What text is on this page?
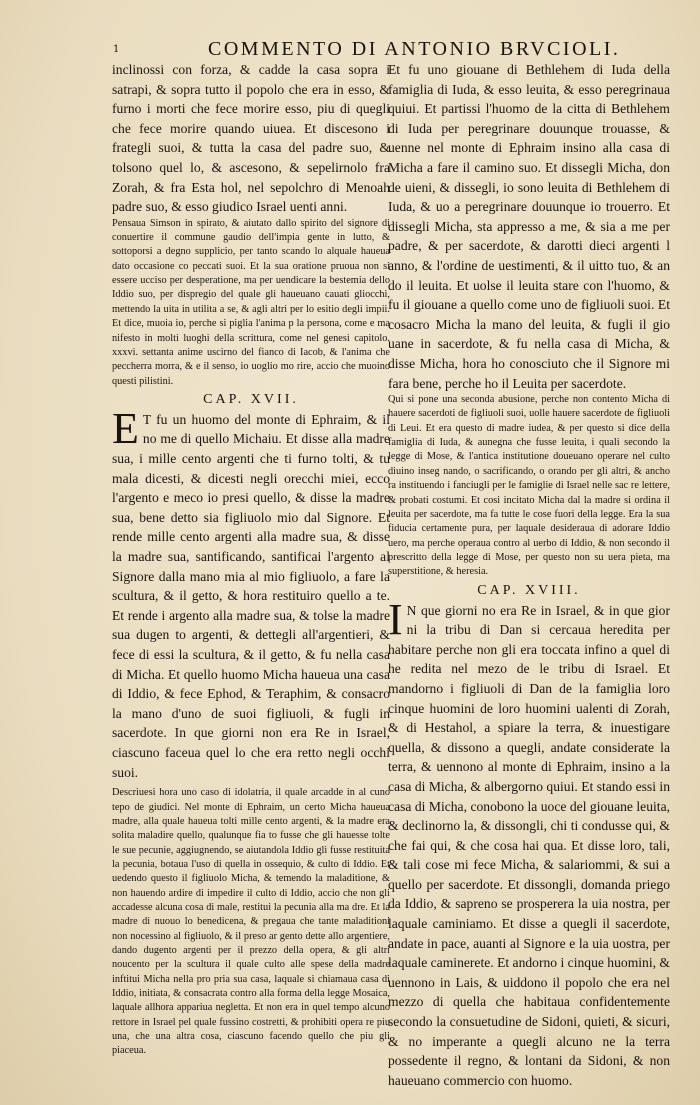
1	COMMENTO DI ANTONIO BRVCIOLI.

inclinossi con forza, & cadde la casa sopra i satrapi, & sopra tutto il popolo che era in esso, & furno i morti che fece morire esso, piu di quegli che fece morire quando uiuea. Et discesono i frategli suoi, & tutta la casa del padre suo, & tolsono quel lo, & ascesono, & sepelirnolo fra Zorah, & fra Esta hol, nel sepolchro di Menoah padre suo, & esso giudico Israel uenti anni.

Pensaua Simson in spirato, & aiutato dallo spirito del signore di conuertire il commune gaudio dell'impia gente in lutto, & sottoporsi a degno supplicio, per tanto scando lo alquale haueua dato occasione co peccati suoi. Et la sua oratione pruoua non si essere ucciso per desperatione, ma per uendicare la bestemia dello Iddio suo, per dispregio del quale gli haueuano cauati gliocchi, mettendo la uita in utilita a se, & agli altri per lo esitio degli impii. Et dice, muoia io, perche si piglia l'anima p la persona, come e ma nifesto in molti luoghi della scrittura, come nel genesi capitolo. xxxvi. settanta anime uscirno del fianco di Iacob, & l'anima che peccherra morra, & e il senso, io uoglio mo rire, accio che muoino questi pilistini.

CAP. XVII.

ET fu un huomo del monte di Ephraim, & il no me di quello Michaiu. Et disse alla madre sua, i mille cento argenti che ti furno tolti, & tu mala dicesti, & dicesti negli orecchi miei, ecco l'argento e meco io presi quello, & disse la madre sua, bene detto sia figliuolo mio dal Signore. Et rende mille cento argenti alla madre sua, & disse la madre sua, santificando, santificai l'argento al Signore dalla mano mia al mio figliuolo, a fare la scultura, & il getto, & hora restituiro quello a te. Et rende i argento alla madre sua, & tolse la madre sua dugen to argenti, & dettegli all'argentieri, & fece di essi la scultura, & il getto, & fu nella casa di Micha. Et quello huomo Micha haueua una casa di Iddio, & fece Ephod, & Teraphim, & consacro la mano d'uno de suoi figliuoli, & fugli in sacerdote. In que giorni non era Re in Israel, ciascuno faceua quel lo che era retto negli occhi suoi.

Descriuesi hora uno caso di idolatria, il quale arcadde in al cuno tepo de giudici. Nel monte di Ephraim, un certo Micha haueua madre, alla quale haueua tolti mille cento argenti, & la madre era solita maladire quello, qualunque fia to fusse che gli hauesse tolte le sue pecunie, aggiugnendo, se aiutandola Iddio gli fusse restituita la pecunia, botaua l'uso di quella in ossequio, & culto di Iddio. Et uedendo questo il figliuolo Micha, & temendo la maladitione, & non hauendo ardire di impedire il culto di Iddio, accio che non gli accadesse alcuna cosa di male, restitui la pecunia alla ma dre. Et la madre di nuouo lo benedicena, & pregaua che tante maladitioni non nocessino al figliuolo, & il preso ar gento dette allo argentiere, dando dugento argenti per il prezzo della opera, & gli altri noucento per la scultura il quale culto alle spese della madre inftitui Micha nella pro pria sua casa, laquale si chiamaua casa di Iddio, initiata, & consacrata contro alla forma della legge Mosaica, laquale allhora appariua negletta. Et non era in quel tempo alcuno rettore in Israel pel quale fussino costretti, & prohibiti opera re piu una, che una altra cosa, ciascuno facendo quello che piu gli piaceua.

Et fu uno giouane di Bethlehem di Iuda della famiglia di Iuda, & esso leuita, & esso peregrinaua quiui. Et partissi l'huomo de la citta di Bethlehem di Iuda per peregrinare douunque trouasse, & uenne nel monte di Ephraim insino alla casa di Micha a fare il camino suo. Et dissegli Micha, don de uieni, & dissegli, io sono leuita di Bethlehem di Iuda, & uo a peregrinare douunque io trouerro. Et dissegli Micha, sta appresso a me, & sia a me per padre, & per sacerdote, & darotti dieci argenti l anno, & l'ordine de uestimenti, & il uitto tuo, & an do il leuita. Et uolse il leuita stare con l'huomo, & fu il giouane a quello come uno de figliuoli suoi. Et cosacro Micha la mano del leuita, & fugli il gio uane in sacerdote, & fu nella casa di Micha, & disse Micha, hora ho conosciuto che il Signore mi fara bene, perche ho il Leuita per sacerdote.

Qui si pone una seconda abusione, perche non contento Micha di hauere sacerdoti de figliuoli suoi, uolle hauere sacerdote de figliuoli di Leui. Et era questo di madre iudea, & per questo si dice della famiglia di Iuda, & aunegna che fusse leuita, i quali secondo la legge di Mose, & l'antica institutione doueuano operare nel culto diuino inseg nando, o sacrificando, o orando per gli altri, & ancho ra instituendo i fanciugli per le famiglie di Israel nelle sac re lettere, & probati costumi. Et cosi incitato Micha dal la madre si ordina il leuita per sacerdote, ma fa tutte le cose fuori della legge. Era la sua fiducia certamente pura, per laquale desideraua di adorare Iddio uero, ma perche operaua contro al uerbo di Iddio, & non secondo il prescritto della legge di Mose, per questo non su uera pieta, ma superstitione, & heresia.

CAP. XVIII.

IN que giorni no era Re in Israel, & in que gior ni la tribu di Dan si cercaua heredita per habitare perche non gli era toccata infino a quel di he redita nel mezo de le tribu di Israel. Et mandorno i figliuoli di Dan de la famiglia loro cinque huomini de loro huomini ualenti di Zorah, & di Hestahol, a spiare la terra, & inuestigare quella, & dissono a quegli, andate considerate la terra, & uennono al monte di Ephraim, insino a la casa di Micha, & albergorno quiui. Et stando essi in casa di Micha, conobono la uoce del giouane leuita, & declinorno la, & dissongli, chi ti condusse qui, & che fai qui, & che cosa hai qua. Et disse loro, tali, & tali cose mi fece Micha, & salariommi, & sui a quello per sacerdote. Et dissongli, domanda priego da Iddio, & sapreno se prosperera la uia nostra, per laquale caminiamo. Et disse a quegli il sacerdote, andate in pace, auanti al Signore e la uia uostra, per laquale caminerete. Et andorno i cinque huomini, & uennono in Lais, & uiddono il popolo che era nel mezzo di quella che habitaua confidentemente secondo la consuetudine de Sidoni, quieti, & sicuri, & no imperante a quegli alcuno ne la terra possedente il regno, & lontani da Sidoni, & non haueuano commercio con huomo.
